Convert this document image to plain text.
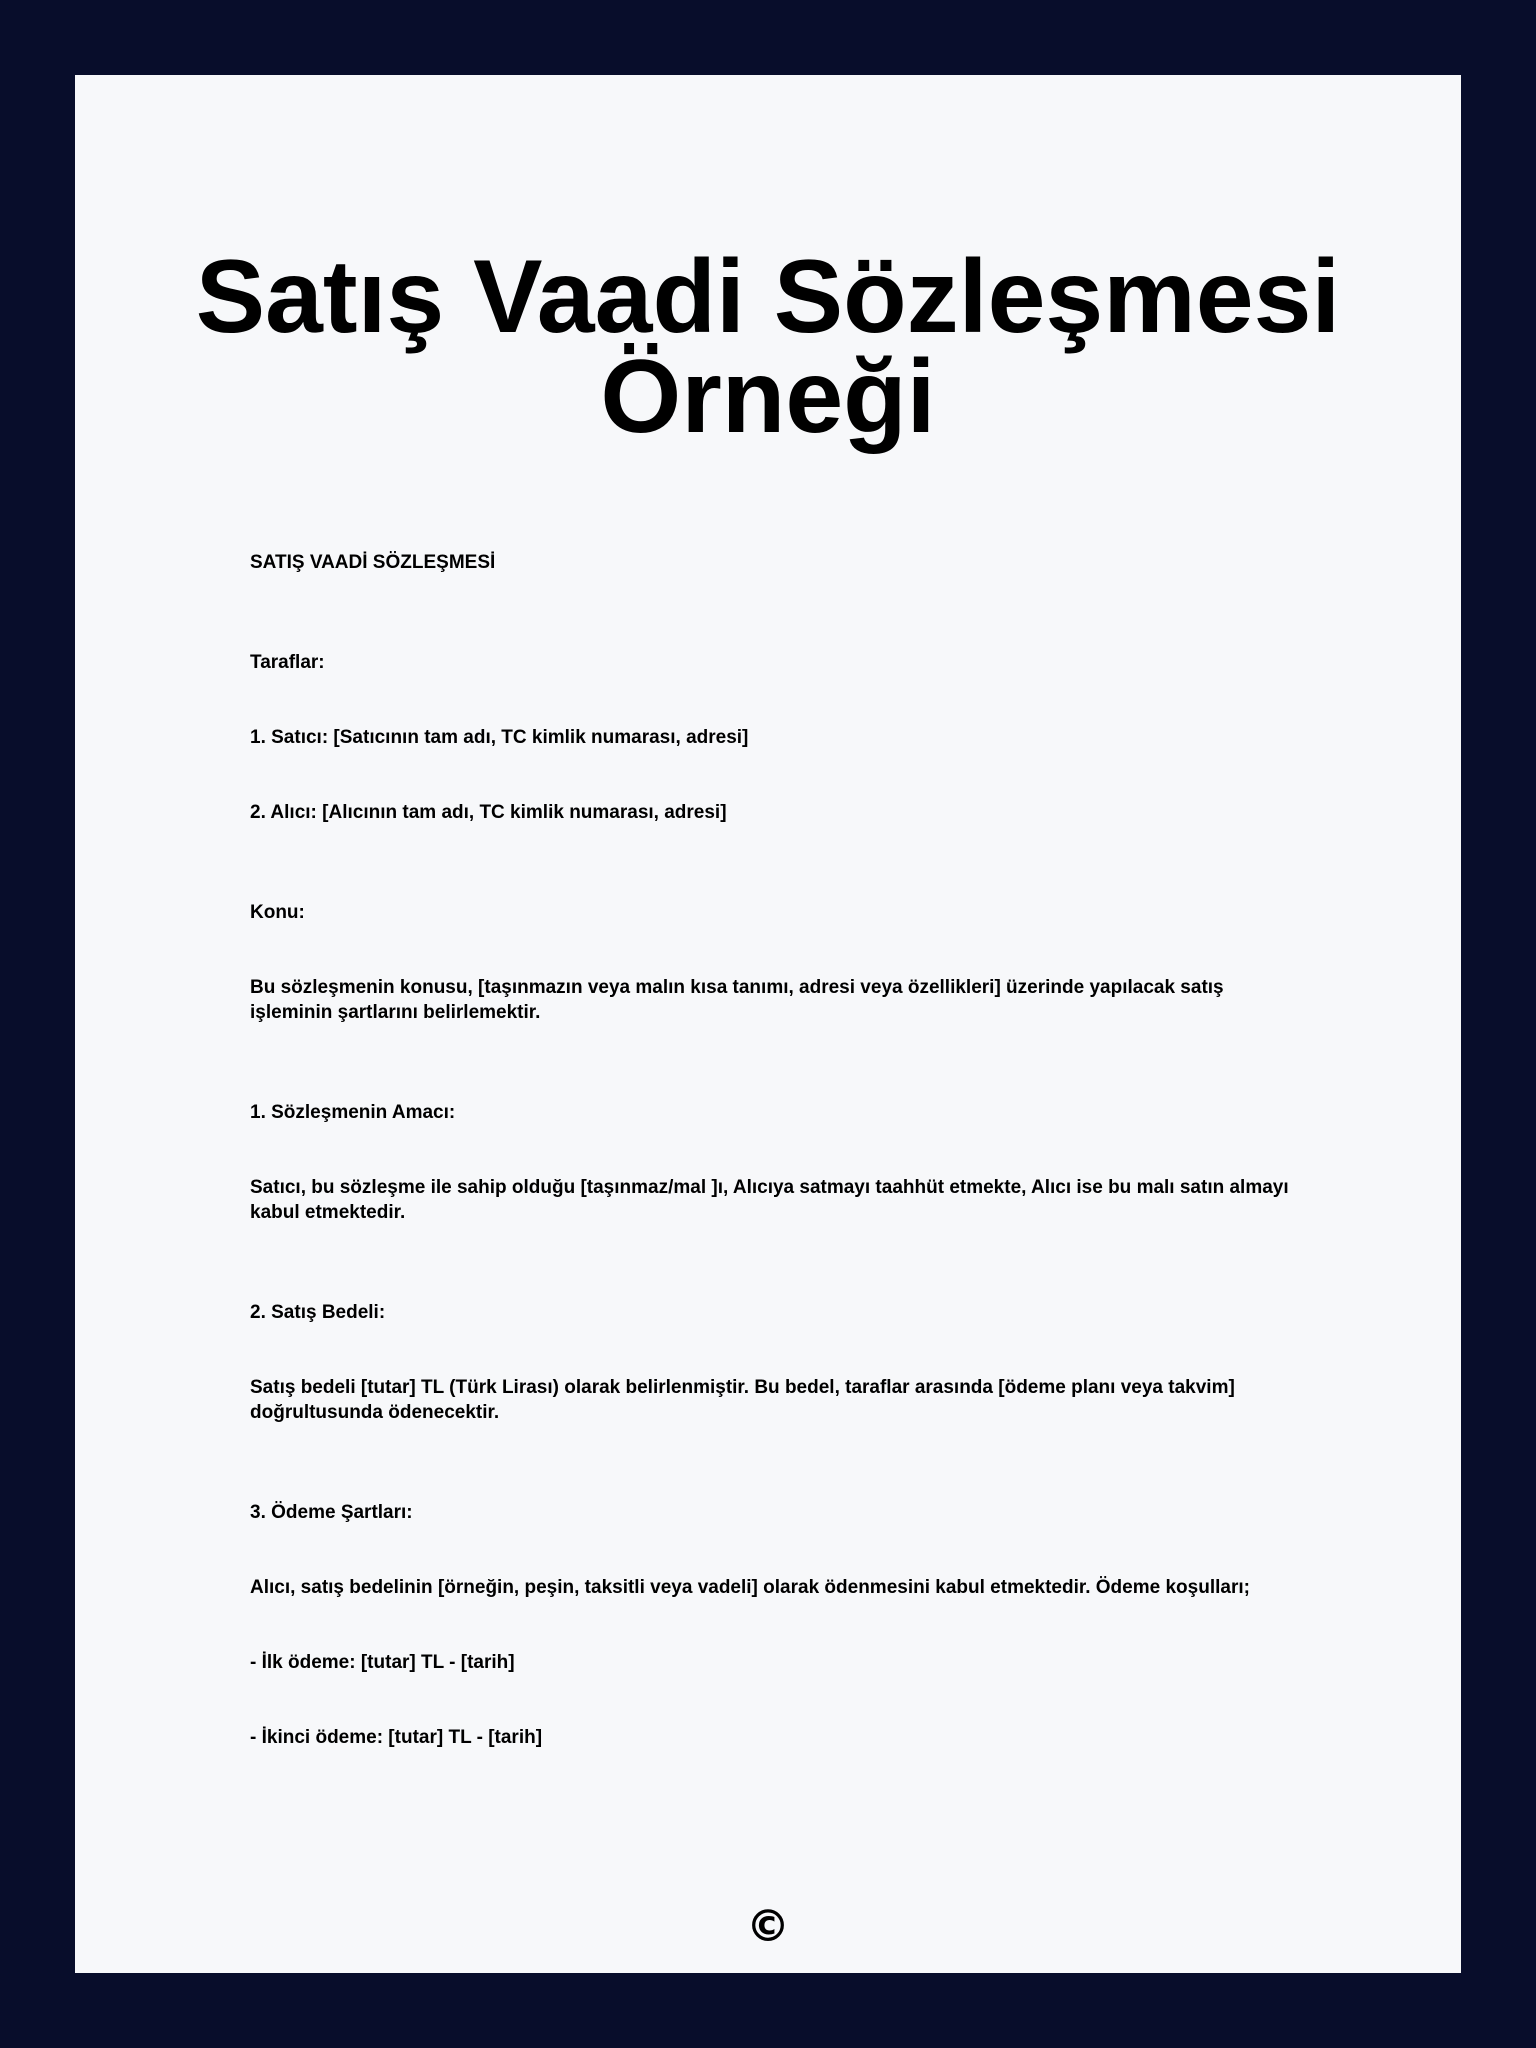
Satış Vaadi Sözleşmesi Örneği

SATIŞ VAADİ SÖZLEŞMESİ

Taraflar:

1. Satıcı: [Satıcının tam adı, TC kimlik numarası, adresi]

2. Alıcı: [Alıcının tam adı, TC kimlik numarası, adresi]

Konu:

Bu sözleşmenin konusu, [taşınmazın veya malın kısa tanımı, adresi veya özellikleri] üzerinde yapılacak satış işleminin şartlarını belirlemektir.

1. Sözleşmenin Amacı:

Satıcı, bu sözleşme ile sahip olduğu [taşınmaz/mal ]ı, Alıcıya satmayı taahhüt etmekte, Alıcı ise bu malı satın almayı kabul etmektedir.

2. Satış Bedeli:

Satış bedeli [tutar] TL (Türk Lirası) olarak belirlenmiştir. Bu bedel, taraflar arasında [ödeme planı veya takvim] doğrultusunda ödenecektir.

3. Ödeme Şartları:

Alıcı, satış bedelinin [örneğin, peşin, taksitli veya vadeli] olarak ödenmesini kabul etmektedir. Ödeme koşulları;

- İlk ödeme: [tutar] TL - [tarih]

- İkinci ödeme: [tutar] TL - [tarih]

©
